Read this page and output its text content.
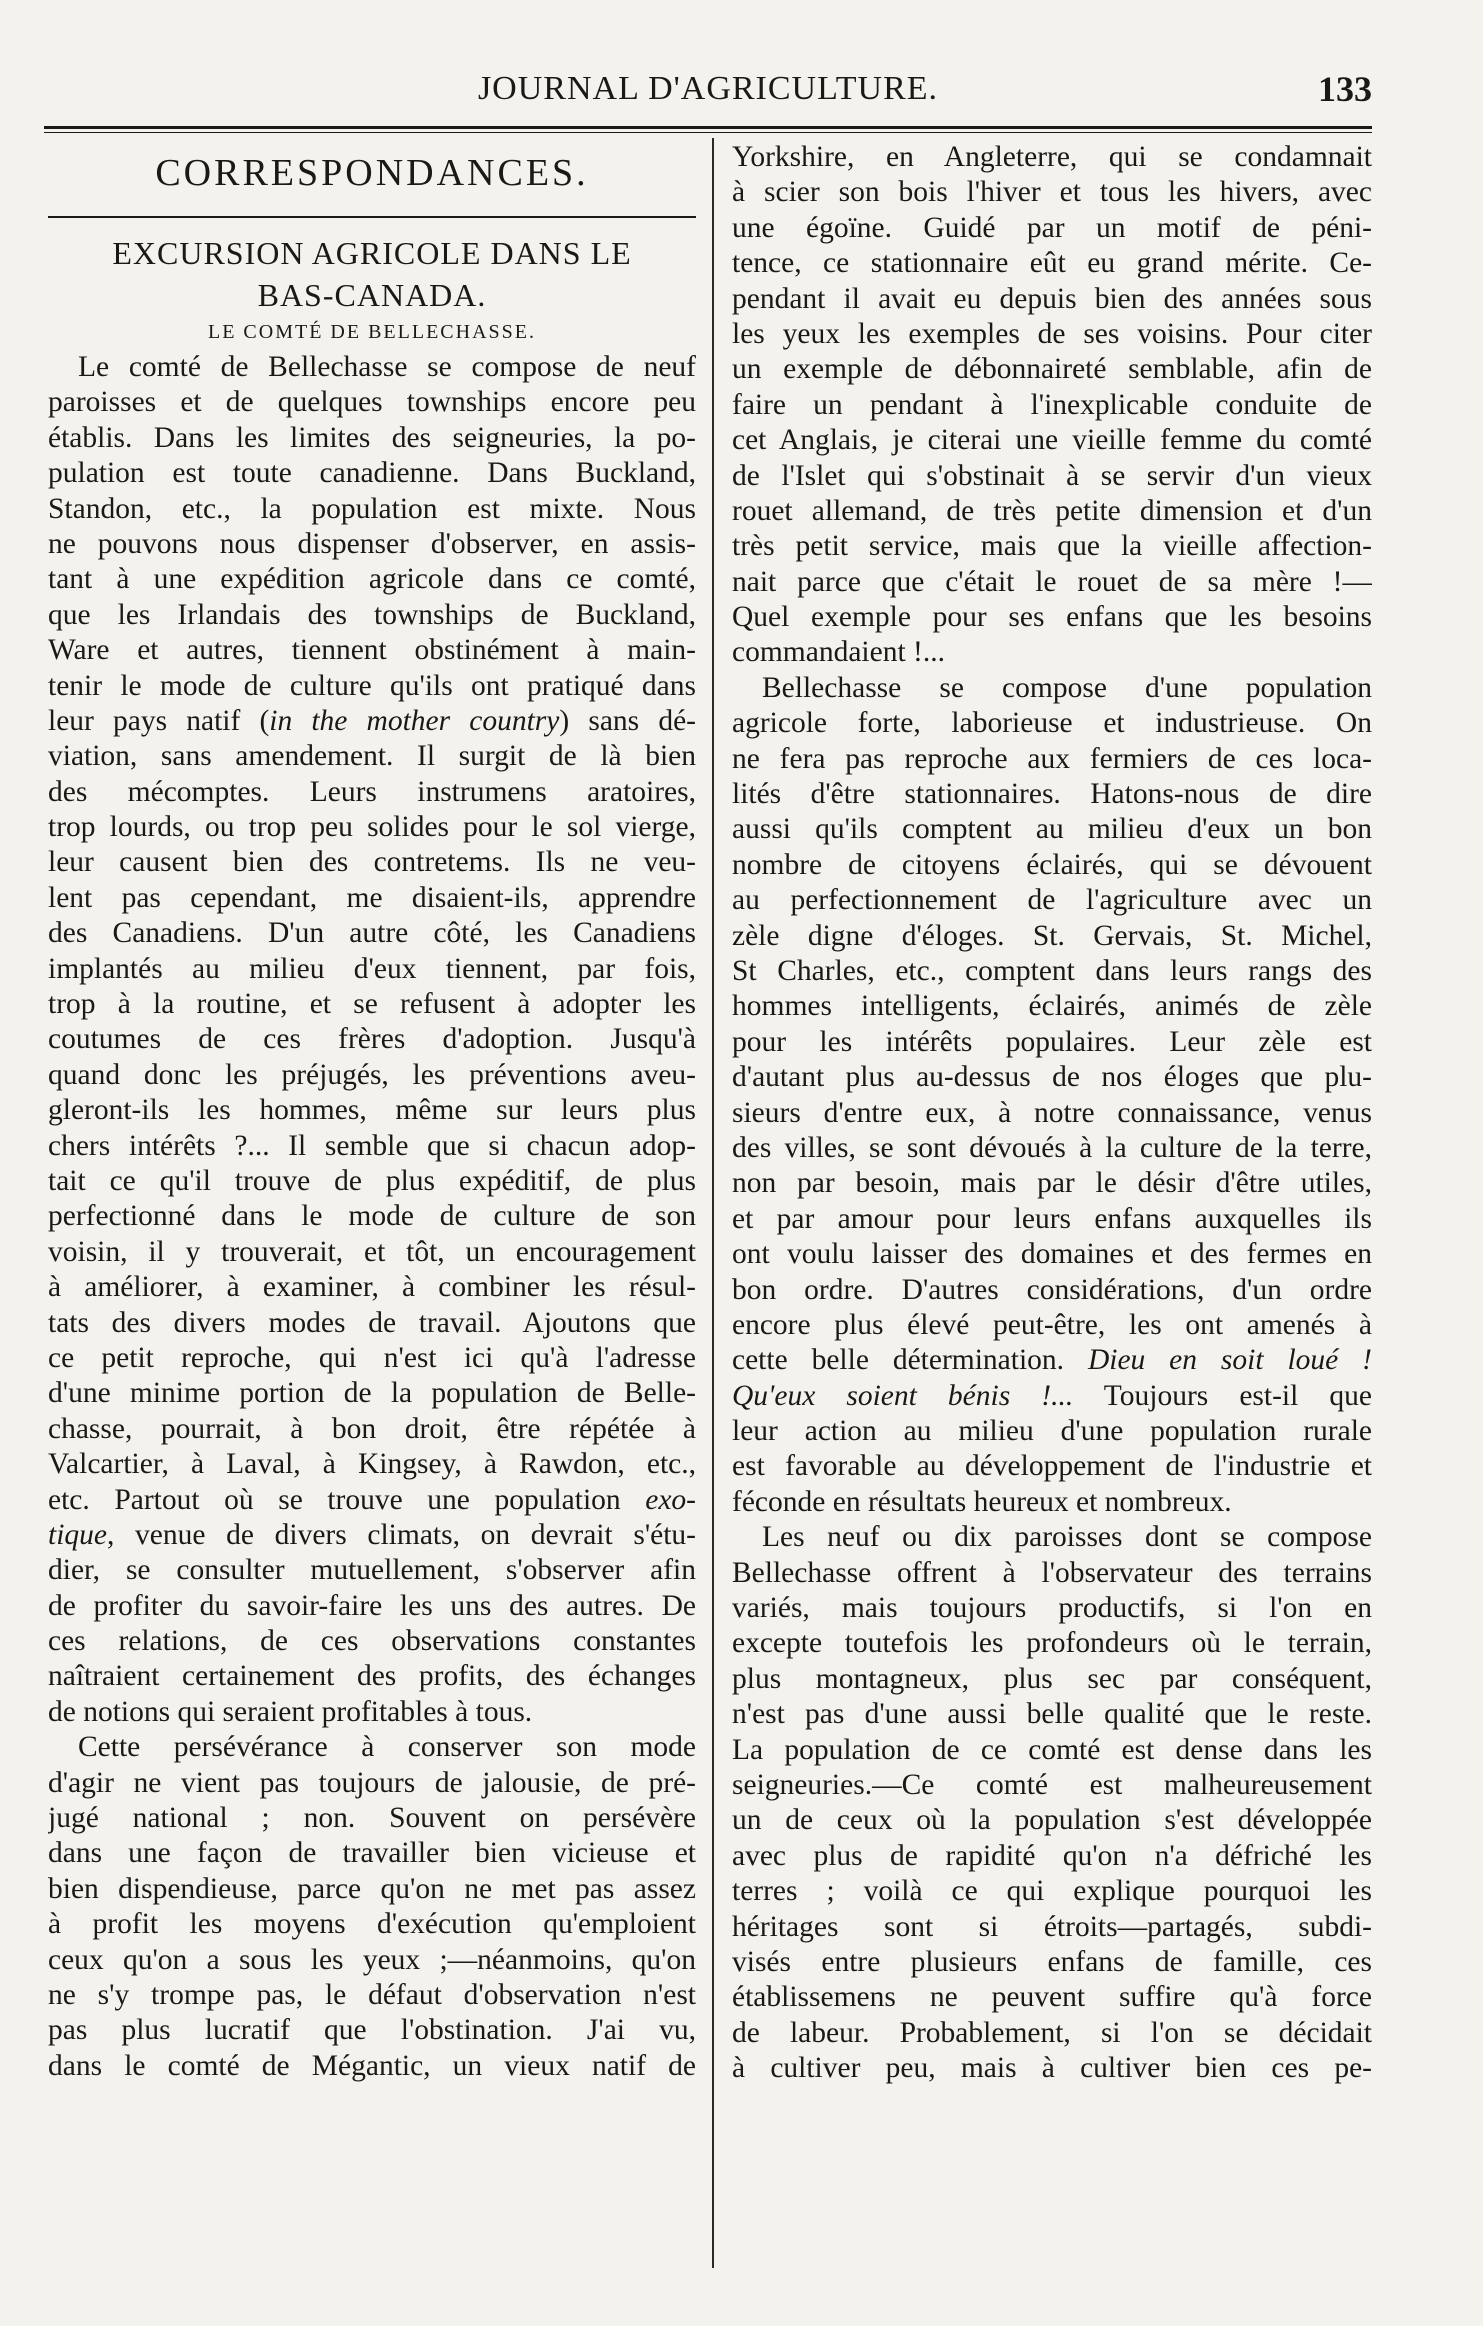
JOURNAL D'AGRICULTURE.	133
CORRESPONDANCES.
EXCURSION AGRICOLE DANS LE
BAS-CANADA.
LE COMTÉ DE BELLECHASSE.
Le comté de Bellechasse se compose de neuf
paroisses et de quelques townships encore peu
établis. Dans les limites des seigneuries, la po-
pulation est toute canadienne. Dans Buckland,
Standon, etc., la population est mixte. Nous
ne pouvons nous dispenser d'observer, en assis-
tant à une expédition agricole dans ce comté,
que les Irlandais des townships de Buckland,
Ware et autres, tiennent obstinément à main-
tenir le mode de culture qu'ils ont pratiqué dans
leur pays natif (in the mother country) sans dé-
viation, sans amendement. Il surgit de là bien
des mécomptes. Leurs instrumens aratoires,
trop lourds, ou trop peu solides pour le sol vierge,
leur causent bien des contretems. Ils ne veu-
lent pas cependant, me disaient-ils, apprendre
des Canadiens. D'un autre côté, les Canadiens
implantés au milieu d'eux tiennent, par fois,
trop à la routine, et se refusent à adopter les
coutumes de ces frères d'adoption. Jusqu'à
quand donc les préjugés, les préventions aveu-
gleront-ils les hommes, même sur leurs plus
chers intérêts ?... Il semble que si chacun adop-
tait ce qu'il trouve de plus expéditif, de plus
perfectionné dans le mode de culture de son
voisin, il y trouverait, et tôt, un encouragement
à améliorer, à examiner, à combiner les résul-
tats des divers modes de travail. Ajoutons que
ce petit reproche, qui n'est ici qu'à l'adresse
d'une minime portion de la population de Belle-
chasse, pourrait, à bon droit, être répétée à
Valcartier, à Laval, à Kingsey, à Rawdon, etc.,
etc. Partout où se trouve une population exo-
tique, venue de divers climats, on devrait s'étu-
dier, se consulter mutuellement, s'observer afin
de profiter du savoir-faire les uns des autres. De
ces relations, de ces observations constantes
naîtraient certainement des profits, des échanges
de notions qui seraient profitables à tous.
Cette persévérance à conserver son mode
d'agir ne vient pas toujours de jalousie, de pré-
jugé national ; non. Souvent on persévère
dans une façon de travailler bien vicieuse et
bien dispendieuse, parce qu'on ne met pas assez
à profit les moyens d'exécution qu'emploient
ceux qu'on a sous les yeux ;—néanmoins, qu'on
ne s'y trompe pas, le défaut d'observation n'est
pas plus lucratif que l'obstination. J'ai vu,
dans le comté de Mégantic, un vieux natif de
Yorkshire, en Angleterre, qui se condamnait
à scier son bois l'hiver et tous les hivers, avec
une égoïne. Guidé par un motif de péni-
tence, ce stationnaire eût eu grand mérite. Ce-
pendant il avait eu depuis bien des années sous
les yeux les exemples de ses voisins. Pour citer
un exemple de débonnaireté semblable, afin de
faire un pendant à l'inexplicable conduite de
cet Anglais, je citerai une vieille femme du comté
de l'Islet qui s'obstinait à se servir d'un vieux
rouet allemand, de très petite dimension et d'un
très petit service, mais que la vieille affection-
nait parce que c'était le rouet de sa mère !—
Quel exemple pour ses enfans que les besoins
commandaient !...
Bellechasse se compose d'une population
agricole forte, laborieuse et industrieuse. On
ne fera pas reproche aux fermiers de ces loca-
lités d'être stationnaires. Hatons-nous de dire
aussi qu'ils comptent au milieu d'eux un bon
nombre de citoyens éclairés, qui se dévouent
au perfectionnement de l'agriculture avec un
zèle digne d'éloges. St. Gervais, St. Michel,
St Charles, etc., comptent dans leurs rangs des
hommes intelligents, éclairés, animés de zèle
pour les intérêts populaires. Leur zèle est
d'autant plus au-dessus de nos éloges que plu-
sieurs d'entre eux, à notre connaissance, venus
des villes, se sont dévoués à la culture de la terre,
non par besoin, mais par le désir d'être utiles,
et par amour pour leurs enfans auxquelles ils
ont voulu laisser des domaines et des fermes en
bon ordre. D'autres considérations, d'un ordre
encore plus élevé peut-être, les ont amenés à
cette belle détermination. Dieu en soit loué !
Qu'eux soient bénis !... Toujours est-il que
leur action au milieu d'une population rurale
est favorable au développement de l'industrie et
féconde en résultats heureux et nombreux.
Les neuf ou dix paroisses dont se compose
Bellechasse offrent à l'observateur des terrains
variés, mais toujours productifs, si l'on en
excepte toutefois les profondeurs où le terrain,
plus montagneux, plus sec par conséquent,
n'est pas d'une aussi belle qualité que le reste.
La population de ce comté est dense dans les
seigneuries.—Ce comté est malheureusement
un de ceux où la population s'est développée
avec plus de rapidité qu'on n'a défriché les
terres ; voilà ce qui explique pourquoi les
héritages sont si étroits—partagés, subdi-
visés entre plusieurs enfans de famille, ces
établissemens ne peuvent suffire qu'à force
de labeur. Probablement, si l'on se décidait
à cultiver peu, mais à cultiver bien ces pe-
